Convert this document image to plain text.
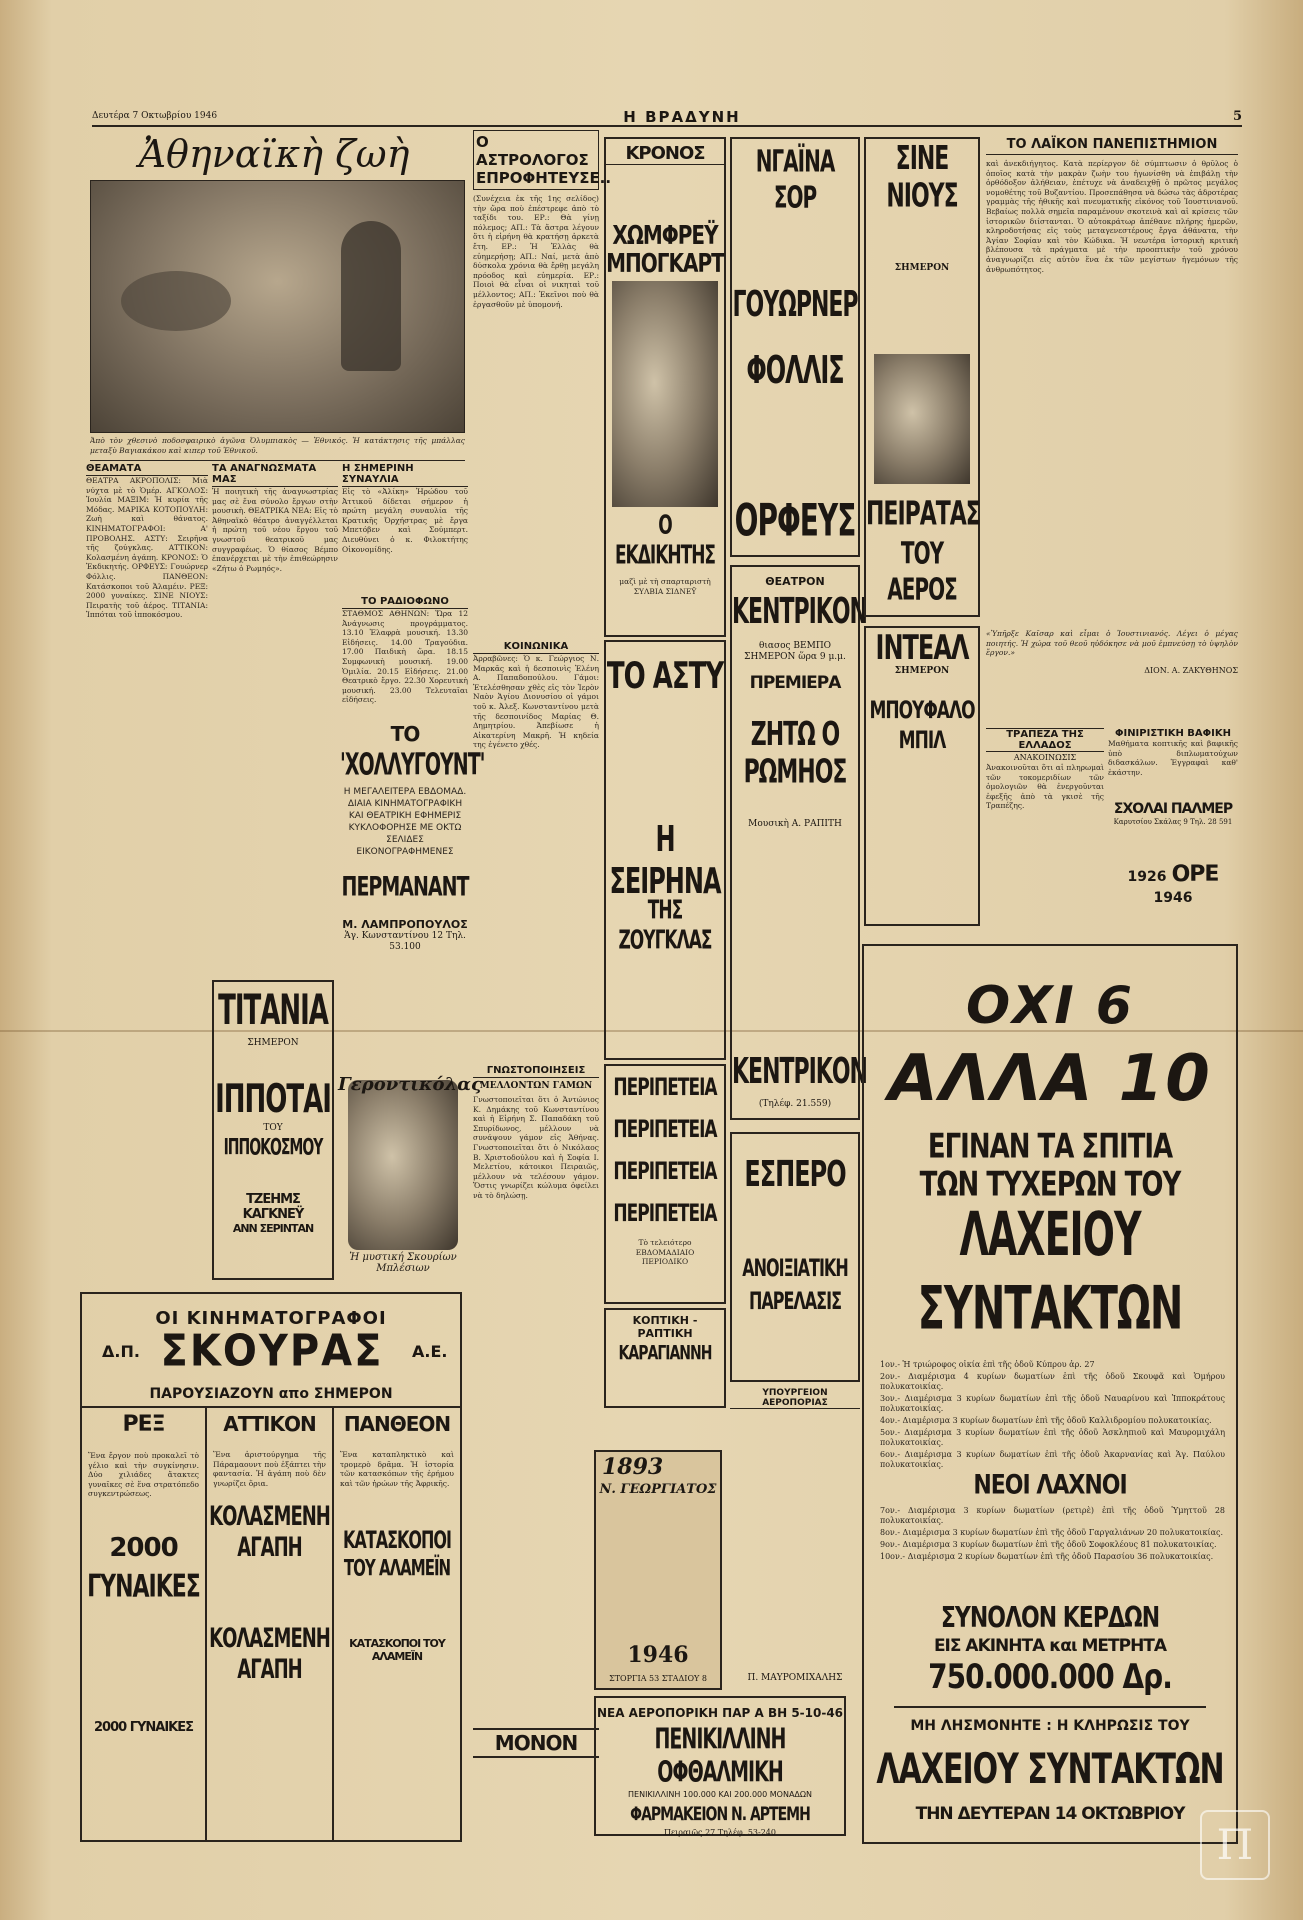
Δευτέρα 7 Οκτωβρίου 1946	Η ΒΡΑΔΥΝΗ	5
Ἀθηναϊκὴ ζωὴ
Ἀπὸ τὸν χθεσινὸ ποδοσφαιρικὸ ἀγῶνα Ὀλυμπιακὸς — Ἐθνικός. Ἡ κατάκτησις τῆς μπάλλας μεταξὺ Βαγιακάκου καὶ κιπερ τοῦ Ἐθνικοῦ.
ΘΕΑΜΑΤΑ
ΘΕΑΤΡΑ ΑΚΡΟΠΟΛΙΣ: Μιὰ νύχτα μὲ τὸ Ὁμέρ. ΑΓΚΟΛΟΣ: Ἰουλία ΜΑΞΙΜ: Ἡ κυρία τῆς Μόδας. ΜΑΡΙΚΑ ΚΟΤΟΠΟΥΛΗ: Ζωὴ καὶ θάνατος. ΚΙΝΗΜΑΤΟΓΡΑΦΟΙ: Α' ΠΡΟΒΟΛΗΣ. ΑΣΤΥ: Σειρῆνα τῆς ζούγκλας. ΑΤΤΙΚΟΝ: Κολασμένη ἀγάπη. ΚΡΟΝΟΣ: Ὁ Ἐκδικητής. ΟΡΦΕΥΣ: Γουώρνερ Φόλλις. ΠΑΝΘΕΟΝ: Κατάσκοποι τοῦ Ἀλαμέιν. ΡΕΞ: 2000 γυναίκες. ΣΙΝΕ ΝΙΟΥΣ: Πειρατὴς τοῦ ἀέρος. ΤΙΤΑΝΙΑ: Ἱππόται τοῦ ἱπποκόσμου.
ΤΑ ΑΝΑΓΝΩΣΜΑΤΑ ΜΑΣ
Ἡ ποιητικὴ τῆς ἀναγνωστρίας μας σὲ ἕνα σύνολο ἔργων στὴν μουσικὴ. ΘΕΑΤΡΙΚΑ ΝΕΑ: Εἰς τὸ Ἀθηναϊκὸ θέατρο ἀναγγέλλεται ἡ πρώτη τοῦ νέου ἔργου τοῦ γνωστοῦ θεατρικοῦ μας συγγραφέως. Ὁ θίασος Βέμπο ἐπανέρχεται μὲ τὴν ἐπιθεώρησιν «Ζήτω ὁ Ρωμηός».
Η ΣΗΜΕΡΙΝΗ ΣΥΝΑΥΛΙΑ
Εἰς τὸ «Ἀλίκη» Ἡρώδου τοῦ Ἀττικοῦ δίδεται σήμερον ἡ πρώτη μεγάλη συναυλία τῆς Κρατικῆς Ὀρχήστρας μὲ ἔργα Μπετόβεν καὶ Σούμπερτ. Διευθύνει ὁ κ. Φιλοκτήτης Οἰκονομίδης.
ΤΟ ΡΑΔΙΟΦΩΝΟ
ΣΤΑΘΜΟΣ ΑΘΗΝΩΝ: Ὥρα 12 Ἀνάγνωσις προγράμματος. 13.10 Ἐλαφρὰ μουσική. 13.30 Εἰδήσεις. 14.00 Τραγούδια. 17.00 Παιδικὴ ὥρα. 18.15 Συμφωνικὴ μουσική. 19.00 Ὁμιλία. 20.15 Εἰδήσεις. 21.00 Θεατρικὸ ἔργο. 22.30 Χορευτικὴ μουσική. 23.00 Τελευταῖαι εἰδήσεις.
Ο ΑΣΤΡΟΛΟΓΟΣ ΕΠΡΟΦΗΤΕΥΣΕ..
(Συνέχεια ἐκ τῆς 1ης σελίδος) τὴν ὥρα ποὺ ἐπέστρεφε ἀπὸ τὸ ταξίδι του. ΕΡ.: Θὰ γίνῃ πόλεμος; ΑΠ.: Τὰ ἄστρα λέγουν ὅτι ἡ εἰρήνη θὰ κρατήσῃ ἀρκετὰ ἔτη. ΕΡ.: Ἡ Ἑλλὰς θὰ εὐημερήσῃ; ΑΠ.: Ναί, μετὰ ἀπὸ δύσκολα χρόνια θὰ ἔρθῃ μεγάλη πρόοδος καὶ εὐημερία. ΕΡ.: Ποιοὶ θὰ εἶναι οἱ νικηταὶ τοῦ μέλλοντος; ΑΠ.: Ἐκεῖνοι ποὺ θὰ ἐργασθοῦν μὲ ὑπομονή.
ΚΟΙΝΩΝΙΚΑ
Ἀρραβῶνες: Ὁ κ. Γεώργιος Ν. Μαρκᾶς καὶ ἡ δεσποινὶς Ἑλένη Α. Παπαδοπούλου. Γάμοι: Ἐτελέσθησαν χθὲς εἰς τὸν Ἱερὸν Ναὸν Ἁγίου Διονυσίου οἱ γάμοι τοῦ κ. Ἀλεξ. Κωνσταντίνου μετὰ τῆς δεσποινίδος Μαρίας Θ. Δημητρίου. Ἀπεβίωσε ἡ Αἰκατερίνη Μακρῆ. Ἡ κηδεία της ἐγένετο χθές.
ΓΝΩΣΤΟΠΟΙΗΣΕΙΣ
ΜΕΛΛΟΝΤΩΝ ΓΑΜΩΝ
Γνωστοποιεῖται ὅτι ὁ Ἀντώνιος Κ. Δημάκης τοῦ Κωνσταντίνου καὶ ἡ Εἰρήνη Σ. Παπαδάκη τοῦ Σπυρίδωνος, μέλλουν νὰ συνάψουν γάμον εἰς Ἀθήνας. Γνωστοποιεῖται ὅτι ὁ Νικόλαος Β. Χριστοδούλου καὶ ἡ Σοφία Ι. Μελετίου, κάτοικοι Πειραιῶς, μέλλουν νὰ τελέσουν γάμον. Ὅστις γνωρίζει κώλυμα ὀφείλει νὰ τὸ δηλώσῃ.
ΤΟ
'ΧΟΛΛΥΓΟΥΝΤ'
Η ΜΕΓΑΛΕΙΤΕΡΑ ΕΒΔΟΜΑΔ. ΔΙΑΙΑ ΚΙΝΗΜΑΤΟΓΡΑΦΙΚΗ ΚΑΙ ΘΕΑΤΡΙΚΗ ΕΦΗΜΕΡΙΣ ΚΥΚΛΟΦΟΡΗΣΕ ΜΕ ΟΚΤΩ ΣΕΛΙΔΕΣ ΕΙΚΟΝΟΓΡΑΦΗΜΕΝΕΣ
ΠΕΡΜΑΝΑΝΤ
Μ. ΛΑΜΠΡΟΠΟΥΛΟΣ
Ἁγ. Κωνσταντίνου 12 Τηλ. 53.100
ΤΙΤΑΝΙΑ
ΣΗΜΕΡΟΝ
ΙΠΠΟΤΑΙ
ΤΟΥ
ΙΠΠΟΚΟΣΜΟΥ
ΤΖΕΗΜΣ ΚΑΓΚΝΕΫ
ΑΝΝ ΣΕΡΙΝΤΑΝ
Γεροντικόλας
Ἠ μυστική Σκουρίων Μπλέσιων
ΟΙ ΚΙΝΗΜΑΤΟΓΡΑΦΟΙ
Δ.Π. ΣΚΟΥΡΑΣ	Α.Ε.
ΠΑΡΟΥΣΙΑΖΟΥΝ απο ΣΗΜΕΡΟΝ
ΡΕΞ
Ἕνα ἔργον ποὺ προκαλεῖ τὸ γέλιο καὶ τὴν συγκίνησιν. Δύο χιλιάδες ἄτακτες γυναῖκες σὲ ἕνα στρατόπεδο συγκεντρώσεως.
2000
ΓΥΝΑΙΚΕΣ
2000 ΓΥΝΑΙΚΕΣ
ΑΤΤΙΚΟΝ
Ἕνα ἀριστούργημα τῆς Πάραμαουντ ποὺ ἐξάπτει τὴν φαντασία. Ἡ ἀγάπη ποὺ δὲν γνωρίζει ὅρια.
ΚΟΛΑΣΜΕΝΗ
ΑΓΑΠΗ
ΚΟΛΑΣΜΕΝΗ
ΑΓΑΠΗ
ΠΑΝΘΕΟΝ
Ἕνα καταπληκτικὸ καὶ τρομερὸ δρᾶμα. Ἡ ἱστορία τῶν κατασκόπων τῆς ἐρήμου καὶ τῶν ἡρώων τῆς Ἀφρικῆς.
ΚΑΤΑΣΚΟΠΟΙ
ΤΟΥ ΑΛΑΜΕΪΝ
ΚΑΤΑΣΚΟΠΟΙ ΤΟΥ ΑΛΑΜΕΪΝ
ΚΡΟΝΟΣ
ΧΩΜΦΡΕΫ
ΜΠΟΓΚΑΡΤ
Ο ΕΚΔΙΚΗΤΗΣ
μαζὶ μὲ τὴ σπαρταριστὴ ΣΥΛΒΙΑ ΣΙΔΝΕΫ
ΤΟ ΑΣΤΥ
Η ΣΕΙΡΗΝΑ
ΤΗΣ ΖΟΥΓΚΛΑΣ
ΠΕΡΙΠΕΤΕΙΑ
ΠΕΡΙΠΕΤΕΙΑ
ΠΕΡΙΠΕΤΕΙΑ
ΠΕΡΙΠΕΤΕΙΑ
Τὸ τελειότερο ΕΒΔΟΜΑΔΙΑΙΟ ΠΕΡΙΟΔΙΚΟ
ΚΟΠΤΙΚΗ - ΡΑΠΤΙΚΗ
ΚΑΡΑΓΙΑΝΝΗ
1893
Ν. ΓΕΩΡΓΙΑΤΟΣ
1946
ΣΤΟΡΓΙΑ 53 ΣΤΑΔΙΟΥ 8
ΜΟΝΟΝ
ΝΕΑ ΑΕΡΟΠΟΡΙΚΗ ΠΑΡ Α ΒΗ 5-10-46
ΠΕΝΙΚΙΛΛΙΝΗ ΟΦΘΑΛΜΙΚΗ
ΠΕΝΙΚΙΛΛΙΝΗ 100.000 ΚΑΙ 200.000 ΜΟΝΑΔΩΝ
ΦΑΡΜΑΚΕΙΟΝ Ν. ΑΡΤΕΜΗ
Πειραιῶς 27 Τηλέφ. 53-240
ΝΓΑΪΝΑ ΣΟΡ
ΓΟΥΩΡΝΕΡ
ΦΟΛΛΙΣ
ΟΡΦΕΥΣ
ΘΕΑΤΡΟΝ
ΚΕΝΤΡΙΚΟΝ
θιασος ΒΕΜΠΟ
ΣΗΜΕΡΟΝ ὥρα 9 μ.μ.
ΠΡΕΜΙΕΡΑ
ΖΗΤΩ Ο ΡΩΜΗΟΣ
Μουσικὴ Α. ΡΑΠΙΤΗ
ΚΕΝΤΡΙΚΟΝ
(Τηλέφ. 21.559)
ΕΣΠΕΡΟ
ΑΝΟΙΞΙΑΤΙΚΗ
ΠΑΡΕΛΑΣΙΣ
ΥΠΟΥΡΓΕΙΟΝ ΑΕΡΟΠΟΡΙΑΣ
Π. ΜΑΥΡΟΜΙΧΑΛΗΣ
ΣΙΝΕ ΝΙΟΥΣ
ΣΗΜΕΡΟΝ
ΠΕΙΡΑΤΑΣ
ΤΟΥ ΑΕΡΟΣ
ΙΝΤΕΑΛ
ΣΗΜΕΡΟΝ
ΜΠΟΥΦΑΛΟ
ΜΠΙΛ
ΤΟ ΛΑΪΚΟΝ ΠΑΝΕΠΙΣΤΗΜΙΟΝ
καὶ ἀνεκδιήγητος. Κατὰ περίεργον δὲ σύμπτωσιν ὁ θρῦλος ὁ ὁποῖος κατὰ τὴν μακρὰν ζωὴν του ἠγωνίσθη νὰ ἐπιβάλῃ τὴν ὀρθόδοξον ἀλήθειαν, ἐπέτυχε νὰ ἀναδειχθῇ ὁ πρῶτος μεγάλος νομοθέτης τοῦ Βυζαντίου. Προσεπάθησα νὰ δώσω τὰς ἀδροτέρας γραμμὰς τῆς ἠθικῆς καὶ πνευματικῆς εἰκόνος τοῦ Ἰουστινιανοῦ. Βεβαίως πολλὰ σημεῖα παραμένουν σκοτεινὰ καὶ αἱ κρίσεις τῶν ἱστορικῶν διίστανται. Ὁ αὐτοκράτωρ ἀπέθανε πλήρης ἡμερῶν, κληροδοτήσας εἰς τοὺς μεταγενεστέρους ἔργα ἀθάνατα, τὴν Ἁγίαν Σοφίαν καὶ τὸν Κώδικα. Ἡ νεωτέρα ἱστορικὴ κριτικὴ βλέπουσα τὰ πράγματα μὲ τὴν προοπτικὴν τοῦ χρόνου ἀναγνωρίζει εἰς αὐτὸν ἕνα ἐκ τῶν μεγίστων ἡγεμόνων τῆς ἀνθρωπότητος.
«Ὑπῆρξε Καῖσαρ καὶ εἶμαι ὁ Ἰουστινιανός. Λέγει ὁ μέγας ποιητής. Ἡ χώρα τοῦ θεοῦ ηὐδόκησε νὰ μοῦ ἐμπνεύσῃ τὸ ὑψηλὸν ἔργον.»
ΔΙΟΝ. Α. ΖΑΚΥΘΗΝΟΣ
ΤΡΑΠΕΖΑ ΤΗΣ ΕΛΛΑΔΟΣ
ΑΝΑΚΟΙΝΩΣΙΣ
Ἀνακοινοῦται ὅτι αἱ πληρωμαὶ τῶν τοκομεριδίων τῶν ὁμολογιῶν θὰ ἐνεργοῦνται ἐφεξῆς ἀπὸ τὰ γκισὲ τῆς Τραπέζης.
ΦΙΝΙΡΙΣΤΙΚΗ ΒΑΦΙΚΗ
Μαθήματα κοπτικῆς καὶ βαφικῆς ὑπὸ διπλωματούχων διδασκάλων. Ἐγγραφαὶ καθ' ἑκάστην.
ΣΧΟΛΑΙ ΠΑΛΜΕΡ
Καρυτσίου Σκάλας 9 Τηλ. 28 591
1926 ΟΡΕ 1946
ΟΧΙ 6
ΑΛΛΑ 10
ΕΓΙΝΑΝ ΤΑ ΣΠΙΤΙΑ
ΤΩΝ ΤΥΧΕΡΩΝ ΤΟΥ
ΛΑΧΕΙΟΥ
ΣΥΝΤΑΚΤΩΝ
1ον.- Ἡ τριώροφος οἰκία ἐπὶ τῆς ὁδοῦ Κύπρου ἀρ. 27
2ον.- Διαμέρισμα 4 κυρίων δωματίων ἐπὶ τῆς ὁδοῦ Σκουφᾶ καὶ Ὁμήρου πολυκατοικίας.
3ον.- Διαμέρισμα 3 κυρίων δωματίων ἐπὶ τῆς ὁδοῦ Ναυαρίνου καὶ Ἱπποκράτους πολυκατοικίας.
4ον.- Διαμέρισμα 3 κυρίων δωματίων ἐπὶ τῆς ὁδοῦ Καλλιδρομίου πολυκατοικίας.
5ον.- Διαμέρισμα 3 κυρίων δωματίων ἐπὶ τῆς ὁδοῦ Ἀσκληπιοῦ καὶ Μαυρομιχάλη πολυκατοικίας.
6ον.- Διαμέρισμα 3 κυρίων δωματίων ἐπὶ τῆς ὁδοῦ Ἀκαρνανίας καὶ Ἁγ. Παύλου πολυκατοικίας.
ΝΕΟΙ ΛΑΧΝΟΙ
7ον.- Διαμέρισμα 3 κυρίων δωματίων (ρετιρὲ) ἐπὶ τῆς ὁδοῦ Ὑμηττοῦ 28 πολυκατοικίας.
8ον.- Διαμέρισμα 3 κυρίων δωματίων ἐπὶ τῆς ὁδοῦ Γαργαλιάνων 20 πολυκατοικίας.
9ον.- Διαμέρισμα 3 κυρίων δωματίων ἐπὶ τῆς ὁδοῦ Σοφοκλέους 81 πολυκατοικίας.
10ον.- Διαμέρισμα 2 κυρίων δωματίων ἐπὶ τῆς ὁδοῦ Παρασίου 36 πολυκατοικίας.
ΣΥΝΟΛΟΝ ΚΕΡΔΩΝ
ΕΙΣ ΑΚΙΝΗΤΑ και ΜΕΤΡΗΤΑ
750.000.000 Δρ.
ΜΗ ΛΗΣΜΟΝΗΤΕ : Η ΚΛΗΡΩΣΙΣ ΤΟΥ
ΛΑΧΕΙΟΥ ΣΥΝΤΑΚΤΩΝ
ΤΗΝ ΔΕΥΤΕΡΑΝ 14 ΟΚΤΩΒΡΙΟΥ
Π
